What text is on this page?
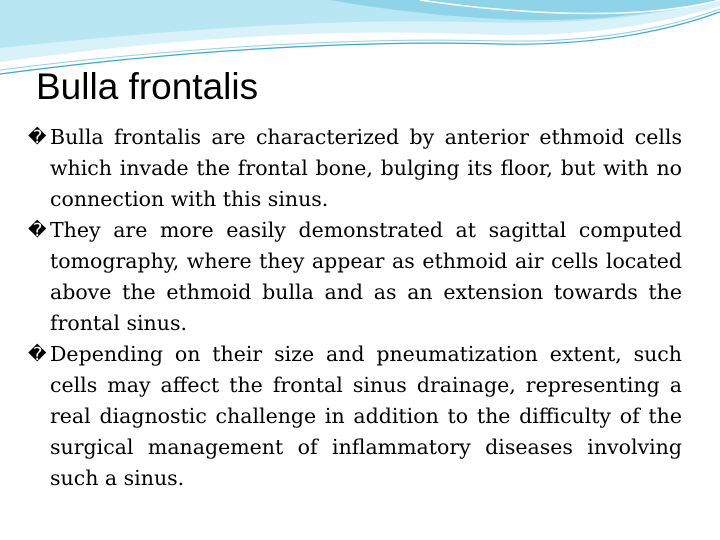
Bulla frontalis
� Bulla frontalis are characterized by anterior ethmoid cells which invade the frontal bone, bulging its floor, but with no connection with this sinus.
� They are more easily demonstrated at sagittal computed tomography, where they appear as ethmoid air cells located above the ethmoid bulla and as an extension towards the frontal sinus.
� Depending on their size and pneumatization extent, such cells may affect the frontal sinus drainage, representing a real diagnostic challenge in addition to the difficulty of the surgical management of inflammatory diseases involving such a sinus.
